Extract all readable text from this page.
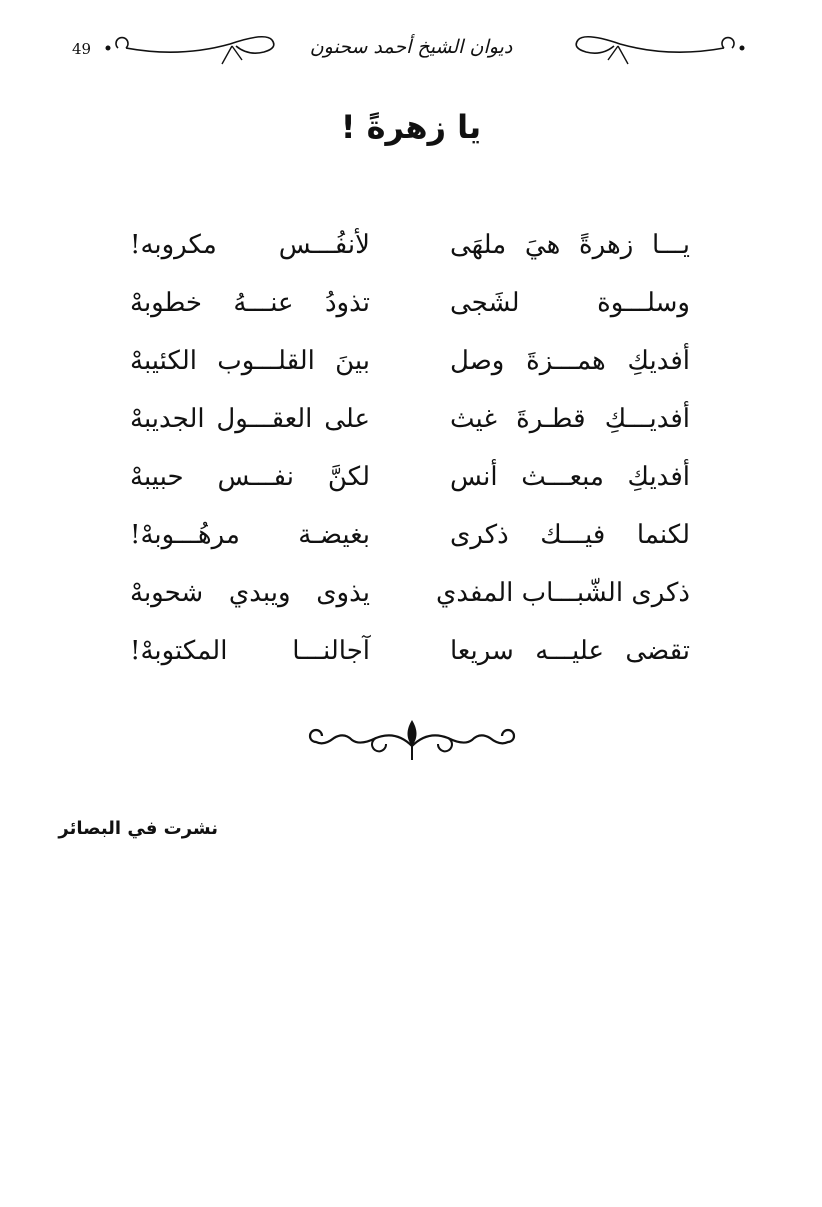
49	ديوان الشيخ أحمد سحنون
يا زهرةً !
يـــا زهرةً هيَ ملهَى
لأنفُـــس مكروبه!
وسلـــوة لشَجى
تذودُ عنـــهُ خطوبهْ
أفديكِ همـــزةَ وصل
بينَ القلـــوب الكئيبهْ
أفديـــكِ قطـرةَ غيث
على العقـــول الجديبهْ
أفديكِ مبعـــث أنس
لكنَّ نفـــس حبيبهْ
لكنما فيـــك ذكرى
بغيضـة مرهُـــوبهْ!
ذكرى الشّبـــاب المفدي
يذوى ويبدي شحوبهْ
تقضى عليـــه سريعا
آجالنـــا المكتوبهْ!
نشرت في البصائر
